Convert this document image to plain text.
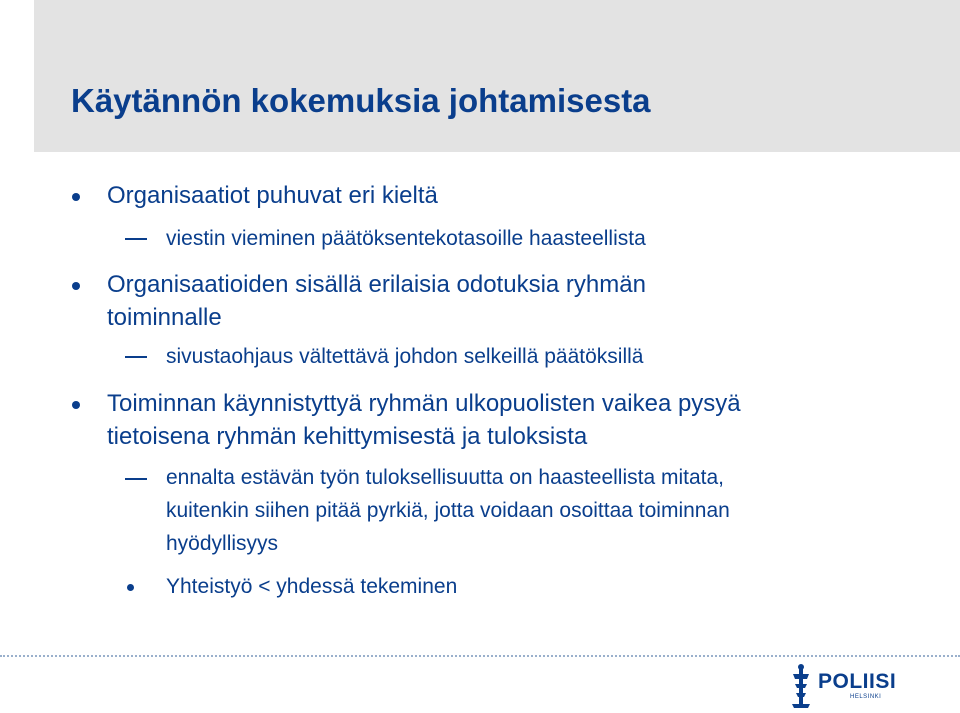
Käytännön kokemuksia johtamisesta
Organisaatiot puhuvat eri kieltä
viestin vieminen päätöksentekotasoille haasteellista
Organisaatioiden sisällä erilaisia odotuksia ryhmän
toiminnalle
sivustaohjaus vältettävä johdon selkeillä päätöksillä
Toiminnan käynnistyttyä ryhmän ulkopuolisten vaikea pysyä
tietoisena ryhmän kehittymisestä ja tuloksista
ennalta estävän työn tuloksellisuutta on haasteellista mitata,
kuitenkin siihen pitää pyrkiä, jotta voidaan osoittaa toiminnan
hyödyllisyys
Yhteistyö < yhdessä tekeminen
POLIISI
HELSINKI
